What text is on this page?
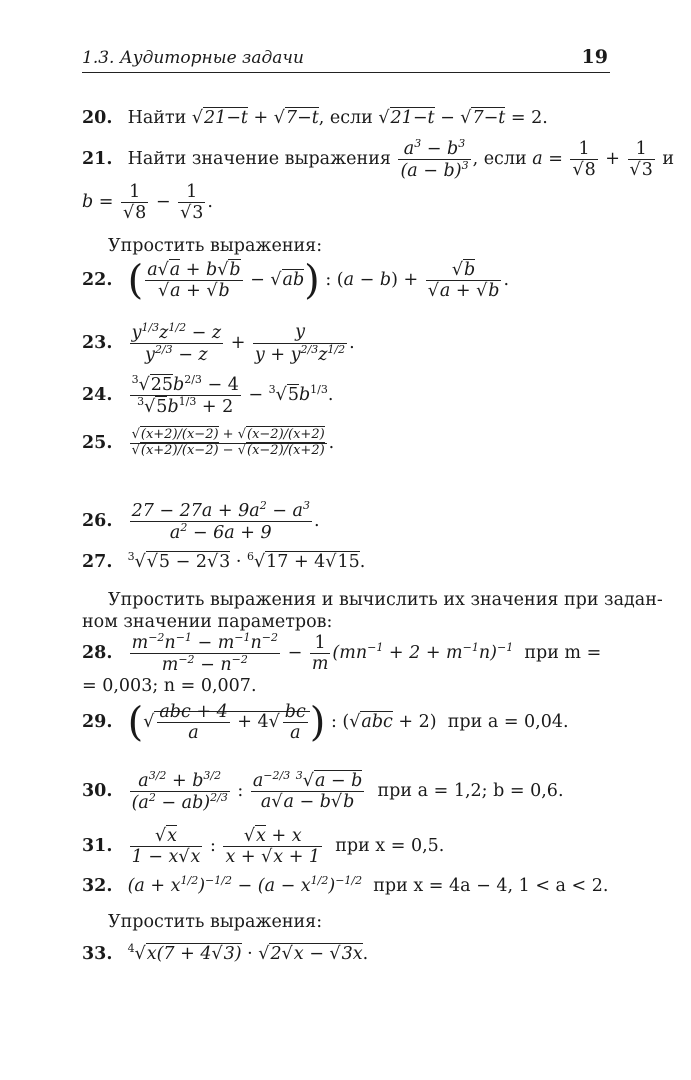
1.3. Аудиторные задачи	19
20. Найти √21−t + √7−t, если √21−t − √7−t = 2.
21. Найти значение выражения $\frac{a^3 - b^3}{(a - b)^3}$ , если $a = \frac{1}{√8} + \frac{1}{√3}$ и
$b = \frac{1}{√8} - \frac{1}{√3}$ .
Упростить выражения:
22. ( $\frac{a√a + b√b}{√a + √b} - √ab$) : $(a - b) + \frac{√b}{√a + √b}$ .
23. $\frac{y^{1/3}z^{1/2} - z}{y^{2/3} - z} + \frac{y}{y + y^{2/3}z^{1/2}}$ .
24. $\frac{^3√25b^{2/3} - 4}{^3√5b^{1/3} + 2} - ^3√5b^{1/3}$.
25. $\frac{√(x+2)/(x-2) + √(x-2)/(x+2)}{√(x+2)/(x-2) - √(x-2)/(x+2)}$ .
26. $\frac{27 - 27a + 9a^2 - a^3}{a^2 - 6a + 9}$ .
27. $^3$√√5 − 2√3 · $^6$√17 + 4√15.
Упростить выражения и вычислить их значения при задан-
ном значении параметров:
28. $\frac{m^{-2}n^{-1} - m^{-1}n^{-2}}{m^{-2} - n^{-2}} - \frac{1}{m} (mn^{-1} + 2 + m^{-1}n)^{-1}$ при m =
= 0,003; n = 0,007.
29. (√ $\frac{\text{abc + 4}}{a} + 4√ \frac{bc}{a}$ ) : (√abc + 2)  при a = 0,04.
30. $\frac{a^{3/2} + b^{3/2}}{(a^2 - ab)^{2/3}}$ : $\frac{a^{-2/3} ^3√a - b}{a√a - b√b}$ при a = 1,2; b = 0,6.
31. $\frac{√x}{1 - x√x}$ : $\frac{√x + x}{x + √x + 1}$ при x = 0,5.
32. $(a + x^{1/2})^{-1/2} - (a - x^{1/2})^{-1/2}$ при x = 4a − 4, 1 < a < 2.
Упростить выражения:
33. $^4$√x(7 + 4√3) · √2√x − √3x.
